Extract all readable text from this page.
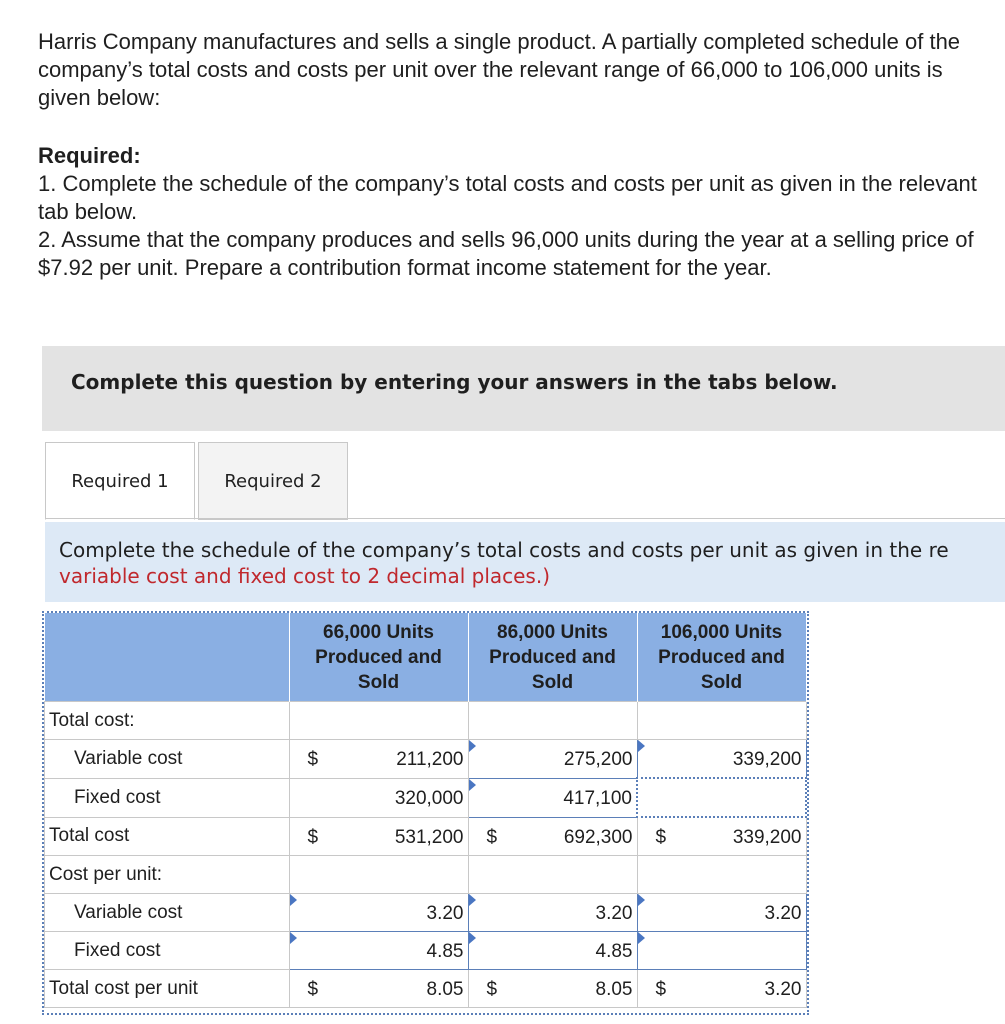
Harris Company manufactures and sells a single product. A partially completed schedule of the company’s total costs and costs per unit over the relevant range of 66,000 to 106,000 units is given below:

Required:

1. Complete the schedule of the company’s total costs and costs per unit as given in the relevant tab below.

2. Assume that the company produces and sells 96,000 units during the year at a selling price of $7.92 per unit. Prepare a contribution format income statement for the year.

Complete this question by entering your answers in the tabs below.
Required 1	Required 2
Complete the schedule of the company’s total costs and costs per unit as given in the re
variable cost and fixed cost to 2 decimal places.)
	66,000 Units Produced and Sold	86,000 Units Produced and Sold	106,000 Units Produced and Sold
Total cost:			
Variable cost	$ 211,200	275,200	339,200

Fixed cost	320,000	417,100	

Total cost	$ 531,200	$ 692,300	$ 339,200

Cost per unit:			
Variable cost	3.20	3.20	3.20

Fixed cost	4.85	4.85	

Total cost per unit	$ 8.05	$ 8.05	$ 3.20
